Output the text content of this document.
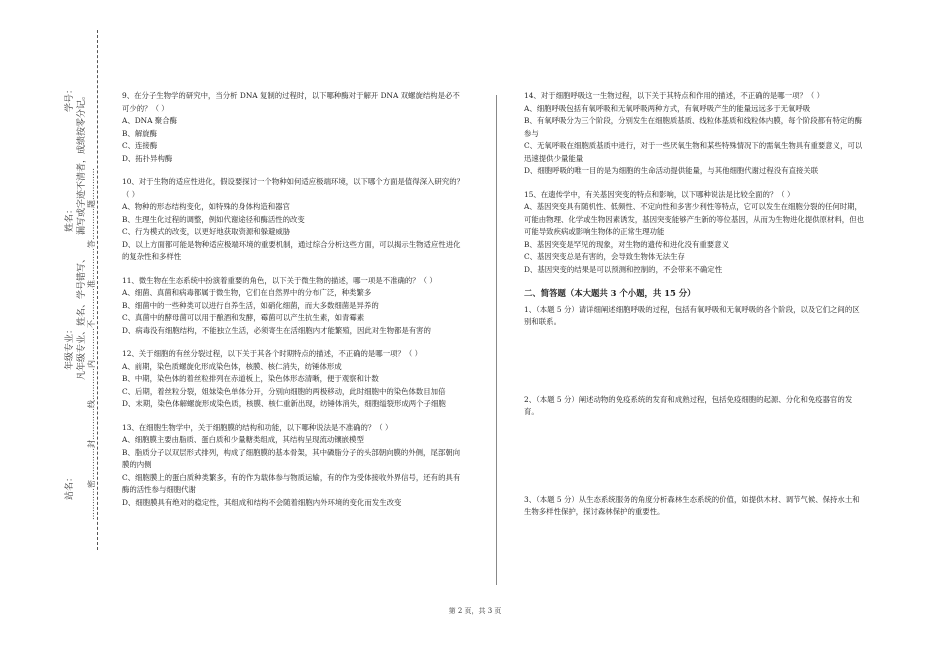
学号：
…………密…………封…………线…………内…………不…………准…………答…………题…………
姓名： 漏写或字迹不清者，成绩按零分记。
凡年级专业、姓名、学号错写、
年级专业：
站名：

9、在分子生物学的研究中，当分析 DNA 复制的过程时，以下哪种酶对于解开 DNA 双螺旋结构是必不可少的？（ ）

A、DNA 聚合酶

B、解旋酶

C、连接酶

D、拓扑异构酶

10、对于生物的适应性进化，假设要探讨一个物种如何适应极端环境，以下哪个方面是值得深入研究的？（ ）

A、物种的形态结构变化，如特殊的身体构造和器官

B、生理生化过程的调整，例如代谢途径和酶活性的改变

C、行为模式的改变，以更好地获取资源和躲避威胁

D、以上方面都可能是物种适应极端环境的重要机制，通过综合分析这些方面，可以揭示生物适应性进化的复杂性和多样性

11、微生物在生态系统中扮演着重要的角色，以下关于微生物的描述，哪一项是不准确的？（ ）

A、细菌、真菌和病毒都属于微生物，它们在自然界中的分布广泛，种类繁多

B、细菌中的一些种类可以进行自养生活，如硝化细菌，而大多数细菌是异养的

C、真菌中的酵母菌可以用于酿酒和发酵，霉菌可以产生抗生素，如青霉素

D、病毒没有细胞结构，不能独立生活，必须寄生在活细胞内才能繁殖，因此对生物都是有害的

12、关于细胞的有丝分裂过程，以下关于其各个时期特点的描述，不正确的是哪一项？（ ）

A、前期，染色质螺旋化形成染色体，核膜、核仁消失，纺锤体形成

B、中期，染色体的着丝粒排列在赤道板上，染色体形态清晰，便于观察和计数

C、后期，着丝粒分裂，姐妹染色单体分开，分别向细胞的两极移动，此时细胞中的染色体数目加倍

D、末期，染色体解螺旋形成染色质，核膜、核仁重新出现，纺锤体消失，细胞缢裂形成两个子细胞

13、在细胞生物学中，关于细胞膜的结构和功能，以下哪种说法是不准确的？（ ）

A、细胞膜主要由脂质、蛋白质和少量糖类组成，其结构呈现流动镶嵌模型

B、脂质分子以双层形式排列，构成了细胞膜的基本骨架，其中磷脂分子的头部朝向膜的外侧，尾部朝向膜的内侧

C、细胞膜上的蛋白质种类繁多，有的作为载体参与物质运输，有的作为受体接收外界信号，还有的具有酶的活性参与细胞代谢

D、细胞膜具有绝对的稳定性，其组成和结构不会随着细胞内外环境的变化而发生改变

14、对于细胞呼吸这一生物过程，以下关于其特点和作用的描述，不正确的是哪一项？（ ）

A、细胞呼吸包括有氧呼吸和无氧呼吸两种方式，有氧呼吸产生的能量远远多于无氧呼吸

B、有氧呼吸分为三个阶段，分别发生在细胞质基质、线粒体基质和线粒体内膜，每个阶段都有特定的酶参与

C、无氧呼吸在细胞质基质中进行，对于一些厌氧生物和某些特殊情况下的需氧生物具有重要意义，可以迅速提供少量能量

D、细胞呼吸的唯一目的是为细胞的生命活动提供能量，与其他细胞代谢过程没有直接关联

15、在遗传学中，有关基因突变的特点和影响，以下哪种说法是比较全面的？（ ）

A、基因突变具有随机性、低频性、不定向性和多害少利性等特点，它可以发生在细胞分裂的任何时期，可能由物理、化学或生物因素诱发，基因突变能够产生新的等位基因，从而为生物进化提供原材料，但也可能导致疾病或影响生物体的正常生理功能

B、基因突变是罕见的现象，对生物的遗传和进化没有重要意义

C、基因突变总是有害的，会导致生物体无法生存

D、基因突变的结果是可以预测和控制的，不会带来不确定性

二、简答题（本大题共 3 个小题，共 15 分）

1、（本题 5 分）请详细阐述细胞呼吸的过程，包括有氧呼吸和无氧呼吸的各个阶段，以及它们之间的区别和联系。

2、（本题 5 分）阐述动物的免疫系统的发育和成熟过程，包括免疫细胞的起源、分化和免疫器官的发育。

3、（本题 5 分）从生态系统服务的角度分析森林生态系统的价值，如提供木材、调节气候、保持水土和生物多样性保护，探讨森林保护的重要性。

第 2 页，共 3 页
